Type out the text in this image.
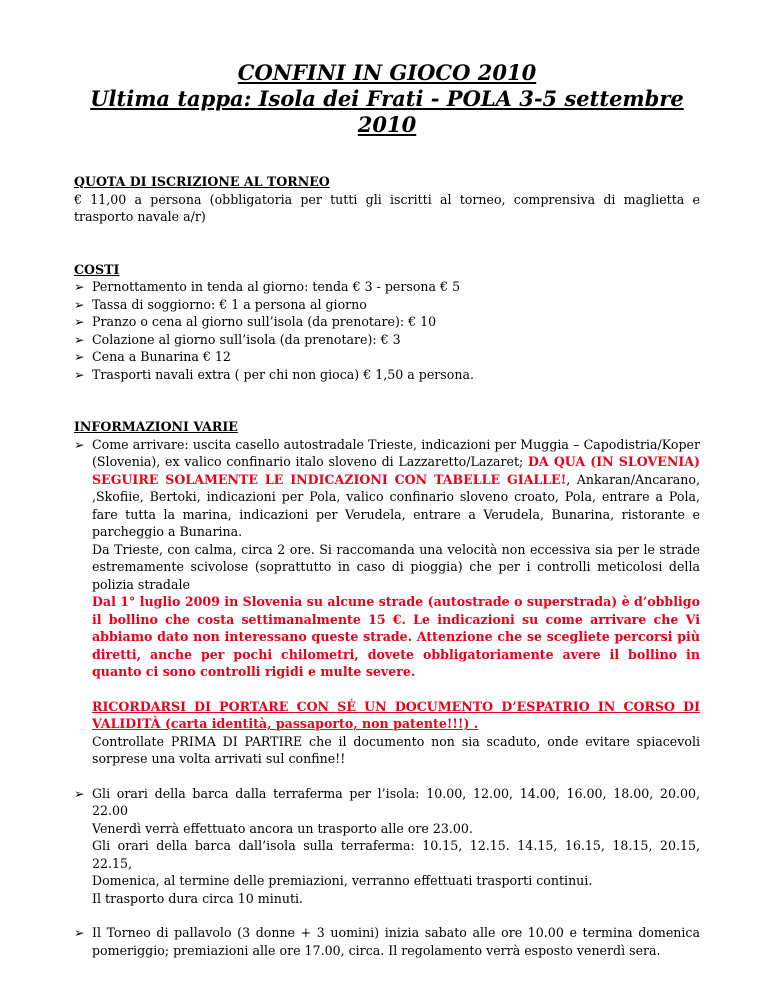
CONFINI IN GIOCO 2010

Ultima tappa: Isola dei Frati - POLA 3-5 settembre 2010

QUOTA DI ISCRIZIONE AL TORNEO

€ 11,00 a persona (obbligatoria per tutti gli iscritti al torneo, comprensiva di maglietta e trasporto navale a/r)

COSTI

➢ Pernottamento in tenda al giorno: tenda € 3 - persona € 5
➢ Tassa di soggiorno: € 1 a persona al giorno
➢ Pranzo o cena al giorno sull’isola (da prenotare): € 10
➢ Colazione al giorno sull’isola (da prenotare): € 3
➢ Cena a Bunarina € 12
➢ Trasporti navali extra ( per chi non gioca) € 1,50 a persona.

INFORMAZIONI VARIE

➢ Come arrivare: uscita casello autostradale Trieste, indicazioni per Muggia – Capodistria/Koper (Slovenia), ex valico confinario italo sloveno di Lazzaretto/Lazaret; DA QUA (IN SLOVENIA) SEGUIRE SOLAMENTE LE INDICAZIONI CON TABELLE GIALLE!, Ankaran/Ancarano, ,Skofiie, Bertoki, indicazioni per Pola, valico confinario sloveno croato, Pola, entrare a Pola, fare tutta la marina, indicazioni per Verudela, entrare a Verudela, Bunarina, ristorante e parcheggio a Bunarina.

Da Trieste, con calma, circa 2 ore. Si raccomanda una velocità non eccessiva sia per le strade estremamente scivolose (soprattutto in caso di pioggia) che per i controlli meticolosi della polizia stradale

Dal 1° luglio 2009 in Slovenia su alcune strade (autostrade o superstrada) è d’obbligo il bollino che costa settimanalmente 15 €. Le indicazioni su come arrivare che Vi abbiamo dato non interessano queste strade. Attenzione che se scegliete percorsi più diretti, anche per pochi chilometri, dovete obbligatoriamente avere il bollino in quanto ci sono controlli rigidi e multe severe.

RICORDARSI DI PORTARE CON SÉ UN DOCUMENTO D’ESPATRIO IN CORSO DI VALIDITÀ (carta identità, passaporto, non patente!!!) .

Controllate PRIMA DI PARTIRE che il documento non sia scaduto, onde evitare spiacevoli sorprese una volta arrivati sul confine!!

➢ Gli orari della barca dalla terraferma per l’isola: 10.00, 12.00, 14.00, 16.00, 18.00, 20.00, 22.00

Venerdì verrà effettuato ancora un trasporto alle ore 23.00.

Gli orari della barca dall’isola sulla terraferma: 10.15, 12.15. 14.15, 16.15, 18.15, 20.15, 22.15,

Domenica, al termine delle premiazioni, verranno effettuati trasporti continui.

Il trasporto dura circa 10 minuti.

➢ Il Torneo di pallavolo (3 donne + 3 uomini) inizia sabato alle ore 10.00 e termina domenica pomeriggio; premiazioni alle ore 17.00, circa. Il regolamento verrà esposto venerdì sera.
